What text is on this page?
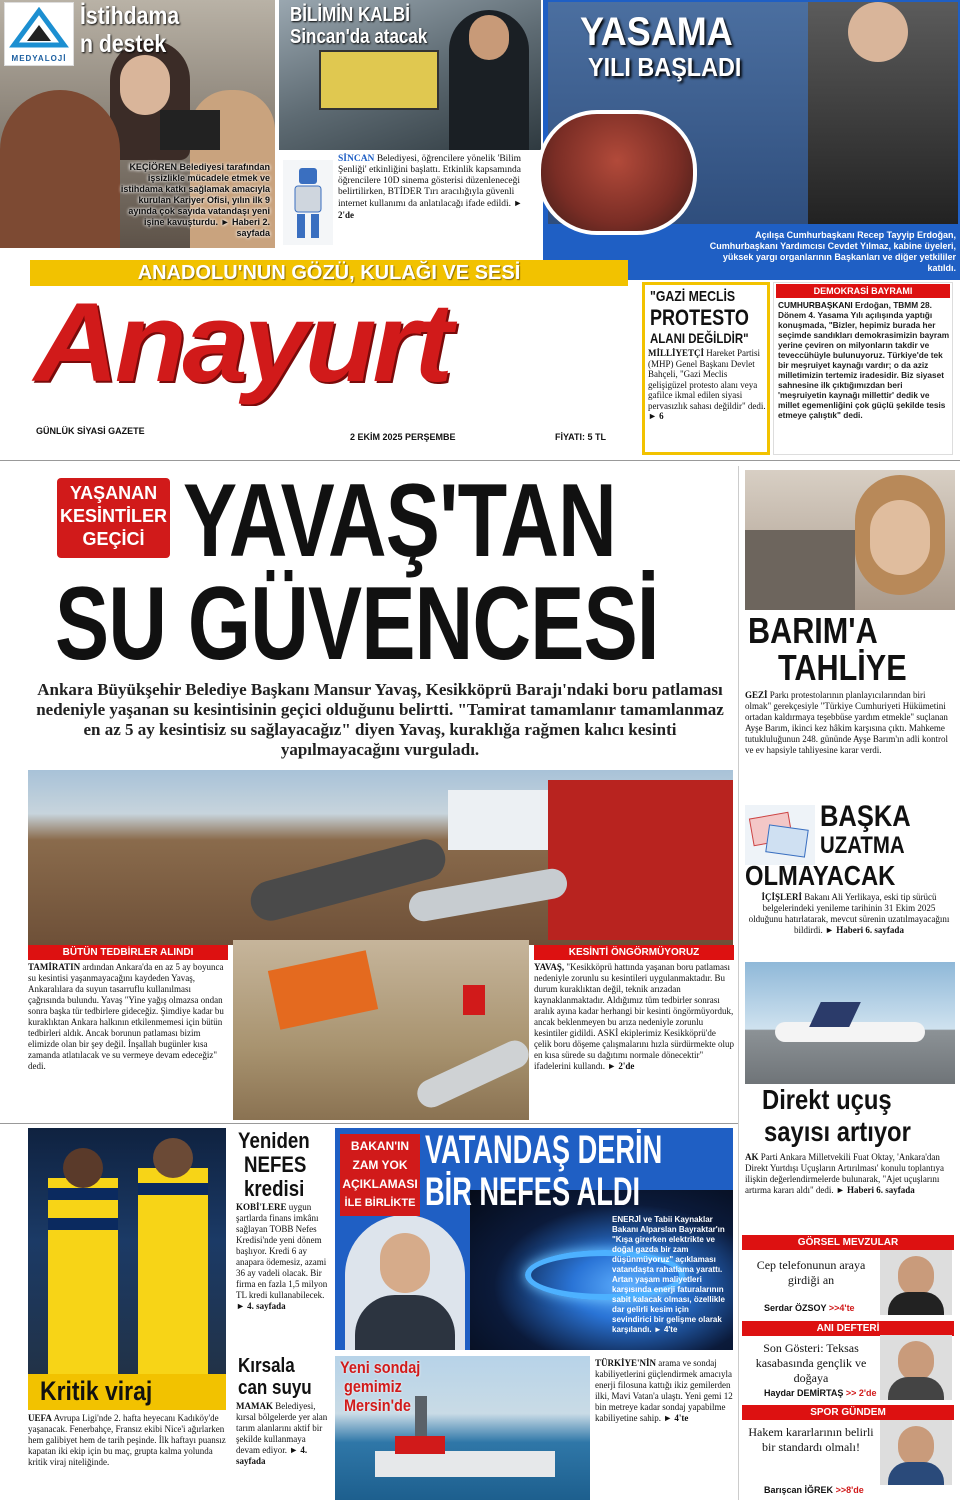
MEDYALOJİ
İstihdama
n destek
KEÇİÖREN Belediyesi tarafından işsizlikle mücadele etmek ve istihdama katkı sağlamak amacıyla kurulan Kariyer Ofisi, yılın ilk 9 ayında çok sayıda vatandaşı yeni işine kavuşturdu. ► Haberi 2. sayfada
BİLİMİN KALBİ
Sincan'da atacak
SİNCAN Belediyesi, öğrencilere yönelik 'Bilim Şenliği' etkinliğini başlattı. Etkinlik kapsamında öğrencilere 10D sinema gösterisi düzenleneceği belirtilirken, BTİDER Tırı aracılığıyla güvenli internet kullanımı da anlatılacağı ifade edildi. ► 2'de
YASAMA
YILI BAŞLADI
Açılışa Cumhurbaşkanı Recep Tayyip Erdoğan, Cumhurbaşkanı Yardımcısı Cevdet Yılmaz, kabine üyeleri, yüksek yargı organlarının Başkanları ve diğer yetkililer katıldı.
ANADOLU'NUN GÖZÜ, KULAĞI VE SESİ
Anayurt
GÜNLÜK SİYASİ GAZETE
2 EKİM 2025 PERŞEMBE	FİYATI: 5 TL
"GAZİ MECLİS
PROTESTO
ALANI DEĞİLDİR"
MİLLİYETÇİ Hareket Partisi (MHP) Genel Başkanı Devlet Bahçeli, "Gazi Meclis gelişigüzel protesto alanı veya gafilce ikmal edilen siyasi pervasızlık sahası değildir" dedi. ► 6
DEMOKRASİ BAYRAMI
CUMHURBAŞKANI Erdoğan, TBMM 28. Dönem 4. Yasama Yılı açılışında yaptığı konuşmada, "Bizler, hepimiz burada her seçimde sandıkları demokrasimizin bayram yerine çeviren on milyonların takdir ve teveccühüyle bulunuyoruz. Türkiye'de tek bir meşruiyet kaynağı vardır; o da aziz milletimizin tertemiz iradesidir. Biz siyaset sahnesine ilk çıktığımızdan beri 'meşruiyetin kaynağı millettir' dedik ve millet egemenliğini çok güçlü şekilde tesis etmeye çalıştık" dedi.
YAŞANAN
KESİNTİLER
GEÇİCİ YAVAŞ'TAN
SU GÜVENCESİ
Ankara Büyükşehir Belediye Başkanı Mansur Yavaş, Kesikköprü Barajı'ndaki boru patlaması nedeniyle yaşanan su kesintisinin geçici olduğunu belirtti. "Tamirat tamamlanır tamamlanmaz en az 5 ay kesintisiz su sağlayacağız" diyen Yavaş, kuraklığa rağmen kalıcı kesinti yapılmayacağını vurguladı.
BÜTÜN TEDBİRLER ALINDI
TAMİRATIN ardından Ankara'da en az 5 ay boyunca su kesintisi yaşanmayacağını kaydeden Yavaş, Ankaralılara da suyun tasarruflu kullanılması çağrısında bulundu. Yavaş "Yine yağış olmazsa ondan sonra başka tür tedbirlere gideceğiz. Şimdiye kadar bu kuraklıktan Ankara halkının etkilenmemesi için bütün tedbirleri aldık. Ancak borunun patlaması bizim elimizde olan bir şey değil. İnşallah bugünler kısa zamanda atlatılacak ve su vermeye devam edeceğiz" dedi.
KESİNTİ ÖNGÖRMÜYORUZ
YAVAŞ, "Kesikköprü hattında yaşanan boru patlaması nedeniyle zorunlu su kesintileri uygulanmaktadır. Bu durum kuraklıktan değil, teknik arızadan kaynaklanmaktadır. Aldığımız tüm tedbirler sonrası aralık ayına kadar herhangi bir kesinti öngörmüyorduk, ancak beklenmeyen bu arıza nedeniyle zorunlu kesintiler gidildi. ASKİ ekiplerimiz Kesikköprü'de çelik boru döşeme çalışmalarını hızla sürdürmekte olup en kısa sürede su dağıtımı normale dönecektir" ifadelerini kullandı. ► 2'de
BARIM'A
TAHLİYE
GEZİ Parkı protestolarının planlayıcılarından biri olmak" gerekçesiyle "Türkiye Cumhuriyeti Hükümetini ortadan kaldırmaya teşebbüse yardım etmekle" suçlanan Ayşe Barım, ikinci kez hâkim karşısına çıktı. Mahkeme tutukluluğunun 248. gününde Ayşe Barım'ın adli kontrol ve ev hapsiyle tahliyesine karar verdi.
BAŞKA
UZATMA
OLMAYACAK
İÇİŞLERİ Bakanı Ali Yerlikaya, eski tip sürücü belgelerindeki yenileme tarihinin 31 Ekim 2025 olduğunu hatırlatarak, mevcut sürenin uzatılmayacağını bildirdi. ► Haberi 6. sayfada
Direkt uçuş
sayısı artıyor
AK Parti Ankara Milletvekili Fuat Oktay, 'Ankara'dan Direkt Yurtdışı Uçuşların Artırılması' konulu toplantıya ilişkin değerlendirmelerde bulunarak, "Ajet uçuşlarını artırma kararı aldı" dedi. ► Haberi 6. sayfada
GÖRSEL MEVZULAR
Cep telefonunun araya girdiği an
Serdar ÖZSOY >>4'te
ANI DEFTERİ
Son Gösteri: Teksas kasabasında gençlik ve doğaya
Haydar DEMİRTAŞ >> 2'de
SPOR GÜNDEM
Hakem kararlarının belirli bir standardı olmalı!
Barışcan İĞREK >>8'de
Kritik viraj
UEFA Avrupa Ligi'nde 2. hafta heyecanı Kadıköy'de yaşanacak. Fenerbahçe, Fransız ekibi Nice'i ağırlarken hem galibiyet hem de tarih peşinde. İlk haftayı puansız kapatan iki ekip için bu maç, grupta kalma yolunda kritik viraj niteliğinde.
Yeniden
NEFES
kredisi
KOBİ'LERE uygun şartlarda finans imkânı sağlayan TOBB Nefes Kredisi'nde yeni dönem başlıyor. Kredi 6 ay anapara ödemesiz, azami 36 ay vadeli olacak. Bir firma en fazla 1,5 milyon TL kredi kullanabilecek. ► 4. sayfada
Kırsala
can suyu
MAMAK Belediyesi, kırsal bölgelerde yer alan tarım alanlarını aktif bir şekilde kullanmaya devam ediyor. ► 4. sayfada
BAKAN'IN
ZAM YOK
AÇIKLAMASI
İLE BİRLİKTE
VATANDAŞ DERİN
BİR NEFES ALDI
ENERJİ ve Tabii Kaynaklar Bakanı Alparslan Bayraktar'ın "Kışa girerken elektrikte ve doğal gazda bir zam düşünmüyoruz" açıklaması vatandaşta rahatlama yarattı. Artan yaşam maliyetleri karşısında enerji faturalarının sabit kalacak olması, özellikle dar gelirli kesim için sevindirici bir gelişme olarak karşılandı. ► 4'te
Yeni sondaj
gemimiz
Mersin'de
TÜRKİYE'NİN arama ve sondaj kabiliyetlerini güçlendirmek amacıyla enerji filosuna kattığı ikiz gemilerden ilki, Mavi Vatan'a ulaştı. Yeni gemi 12 bin metreye kadar sondaj yapabilme kabiliyetine sahip. ► 4'te
